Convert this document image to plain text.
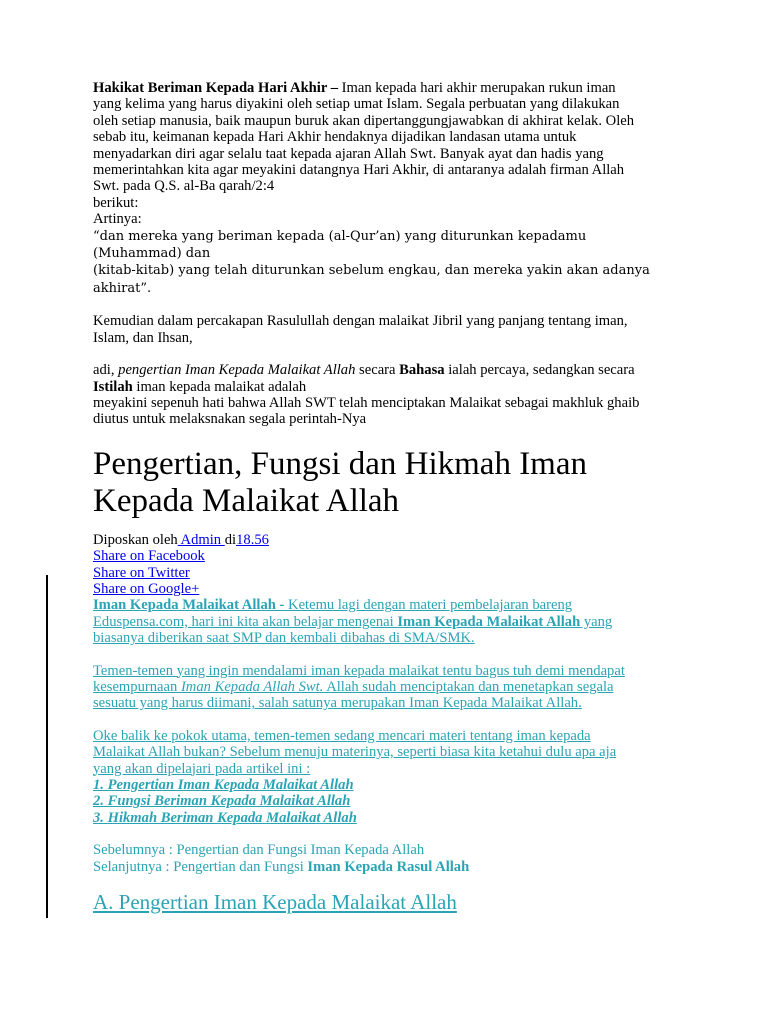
Hakikat Beriman Kepada Hari Akhir – Iman kepada hari akhir merupakan rukun iman
yang kelima yang harus diyakini oleh setiap umat Islam. Segala perbuatan yang dilakukan
oleh setiap manusia, baik maupun buruk akan dipertanggungjawabkan di akhirat kelak. Oleh
sebab itu, keimanan kepada Hari Akhir hendaknya dijadikan landasan utama untuk
menyadarkan diri agar selalu taat kepada ajaran Allah Swt. Banyak ayat dan hadis yang
memerintahkan kita agar meyakini datangnya Hari Akhir, di antaranya adalah firman Allah
Swt. pada Q.S. al-Ba qarah/2:4
berikut:
Artinya:
“dan mereka yang beriman kepada (al-Qur’an) yang diturunkan kepadamu (Muhammad) dan
(kitab-kitab) yang telah diturunkan sebelum engkau, dan mereka yakin akan adanya akhirat”.

Kemudian dalam percakapan Rasulullah dengan malaikat Jibril yang panjang tentang iman,
Islam, dan Ihsan,

adi, pengertian Iman Kepada Malaikat Allah secara Bahasa ialah percaya, sedangkan secara
Istilah iman kepada malaikat adalah
meyakini sepenuh hati bahwa Allah SWT telah menciptakan Malaikat sebagai makhluk ghaib
diutus untuk melaksnakan segala perintah-Nya

Pengertian, Fungsi dan Hikmah Iman
Kepada Malaikat Allah

Diposkan oleh Admin di18.56
Share on Facebook
Share on Twitter
Share on Google+

Iman Kepada Malaikat Allah - Ketemu lagi dengan materi pembelajaran bareng
Eduspensa.com, hari ini kita akan belajar mengenai Iman Kepada Malaikat Allah yang
biasanya diberikan saat SMP dan kembali dibahas di SMA/SMK.

Temen-temen yang ingin mendalami iman kepada malaikat tentu bagus tuh demi mendapat
kesempurnaan Iman Kepada Allah Swt. Allah sudah menciptakan dan menetapkan segala
sesuatu yang harus diimani, salah satunya merupakan Iman Kepada Malaikat Allah.

Oke balik ke pokok utama, temen-temen sedang mencari materi tentang iman kepada
Malaikat Allah bukan? Sebelum menuju materinya, seperti biasa kita ketahui dulu apa aja
yang akan dipelajari pada artikel ini :
1. Pengertian Iman Kepada Malaikat Allah
2. Fungsi Beriman Kepada Malaikat Allah
3. Hikmah Beriman Kepada Malaikat Allah

Sebelumnya : Pengertian dan Fungsi Iman Kepada Allah
Selanjutnya : Pengertian dan Fungsi Iman Kepada Rasul Allah

A. Pengertian Iman Kepada Malaikat Allah
